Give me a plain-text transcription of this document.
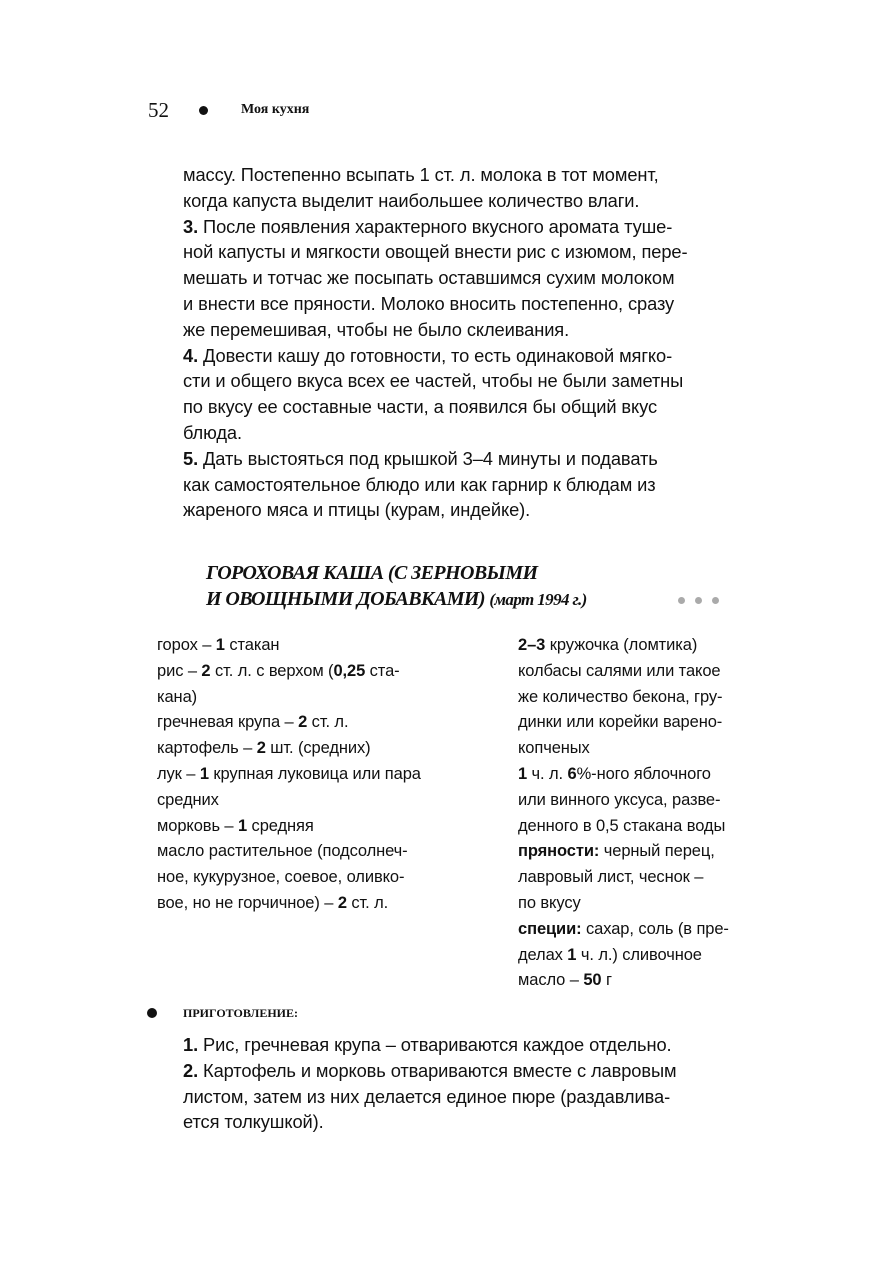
52	Моя кухня
массу. Постепенно всыпать 1 ст. л. молока в тот момент,
когда капуста выделит наибольшее количество влаги.
3. После появления характерного вкусного аромата туше-
ной капусты и мягкости овощей внести рис с изюмом, пере-
мешать и тотчас же посыпать оставшимся сухим молоком
и внести все пряности. Молоко вносить постепенно, сразу
же перемешивая, чтобы не было склеивания.
4. Довести кашу до готовности, то есть одинаковой мягко-
сти и общего вкуса всех ее частей, чтобы не были заметны
по вкусу ее составные части, а появился бы общий вкус
блюда.
5. Дать выстояться под крышкой 3–4 минуты и подавать
как самостоятельное блюдо или как гарнир к блюдам из
жареного мяса и птицы (курам, индейке).
ГОРОХОВАЯ КАША (С ЗЕРНОВЫМИ
И ОВОЩНЫМИ ДОБАВКАМИ) (март 1994 г.)
горох – 1 стакан
рис – 2 ст. л. с верхом (0,25 ста-
кана)
гречневая крупа – 2 ст. л.
картофель – 2 шт. (средних)
лук – 1 крупная луковица или пара
средних
морковь – 1 средняя
масло растительное (подсолнеч-
ное, кукурузное, соевое, оливко-
вое, но не горчичное) – 2 ст. л.
2–3 кружочка (ломтика)
колбасы салями или такое
же количество бекона, гру-
динки или корейки варено-
копченых
1 ч. л. 6%-ного яблочного
или винного уксуса, разве-
денного в 0,5 стакана воды
пряности: черный перец,
лавровый лист, чеснок –
по вкусу
специи: сахар, соль (в пре-
делах 1 ч. л.) сливочное
масло – 50 г
ПРИГОТОВЛЕНИЕ:
1. Рис, гречневая крупа – отвариваются каждое отдельно.
2. Картофель и морковь отвариваются вместе с лавровым
листом, затем из них делается единое пюре (раздавлива-
ется толкушкой).
